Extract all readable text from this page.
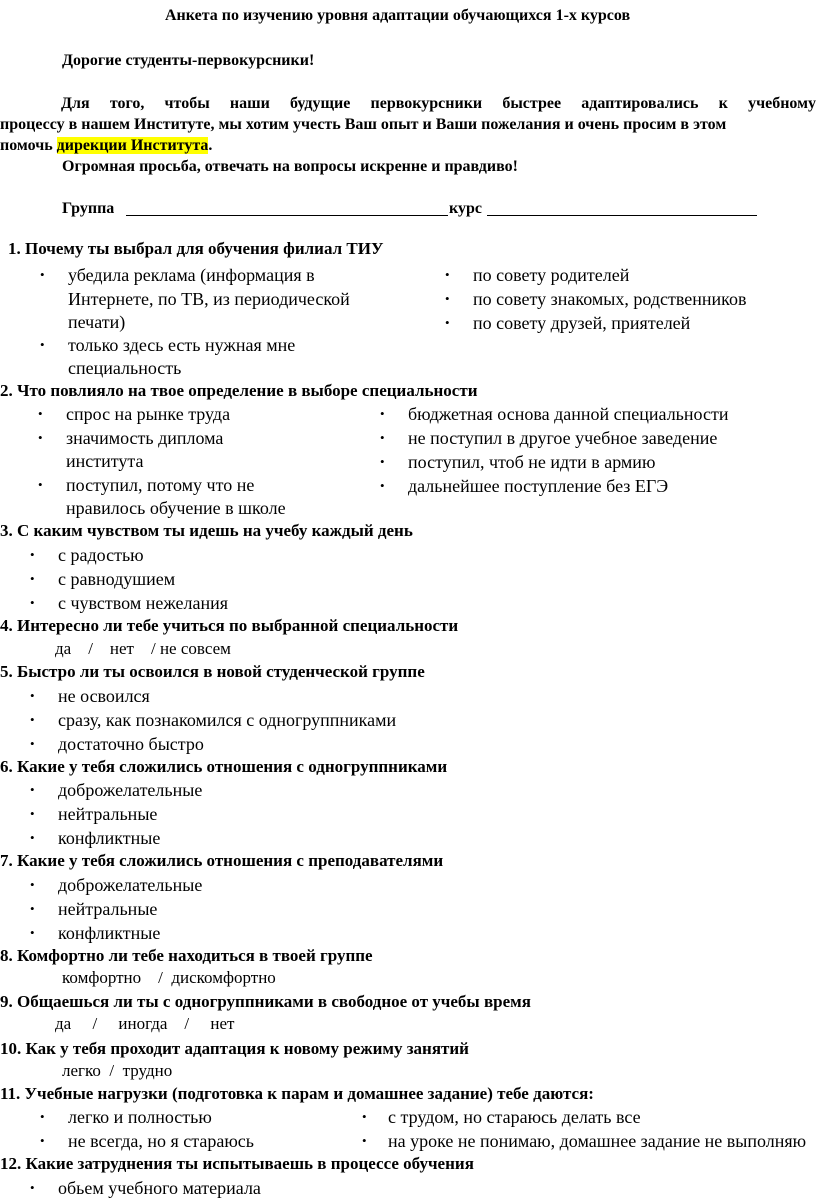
Анкета по изучению уровня адаптации обучающихся 1-х курсов
Дорогие студенты-первокурсники!
Для того, чтобы наши будущие первокурсники быстрее адаптировались к учебному
процессу в нашем Институте, мы хотим учесть Ваш опыт и Ваши пожелания и очень просим в этом
помочь дирекции Института.
Огромная просьба, отвечать на вопросы искренне и правдиво!
Группа	курс
1. Почему ты выбрал для обучения филиал ТИУ
• убедила реклама (информация в
Интернете, по ТВ, из периодической
печати)
• только здесь есть нужная мне
специальность
• по совету родителей
• по совету знакомых, родственников
• по совету друзей, приятелей
2. Что повлияло на твое определение в выборе специальности
• спрос на рынке труда
• значимость диплома
института
• поступил, потому что не
нравилось обучение в школе
• бюджетная основа данной специальности
• не поступил в другое учебное заведение
• поступил, чтоб не идти в армию
• дальнейшее поступление без ЕГЭ
3. С каким чувством ты идешь на учебу каждый день
• с радостью
• с равнодушием
• с чувством нежелания
4. Интересно ли тебе учиться по выбранной специальности
да    /    нет    / не совсем
5. Быстро ли ты освоился в новой студенческой группе
• не освоился
• сразу, как познакомился с одногруппниками
• достаточно быстро
6. Какие у тебя сложились отношения с одногруппниками
• доброжелательные
• нейтральные
• конфликтные
7. Какие у тебя сложились отношения с преподавателями
• доброжелательные
• нейтральные
• конфликтные
8. Комфортно ли тебе находиться в твоей группе
комфортно    /  дискомфортно
9. Общаешься ли ты с одногруппниками в свободное от учебы время
да     /     иногда    /     нет
10. Как у тебя проходит адаптация к новому режиму занятий
легко  /  трудно
11. Учебные нагрузки (подготовка к парам и домашнее задание) тебе даются:
• легко и полностью
• не всегда, но я стараюсь
• с трудом, но стараюсь делать все
• на уроке не понимаю, домашнее задание не выполняю
12. Какие затруднения ты испытываешь в процессе обучения
• обьем учебного материала
